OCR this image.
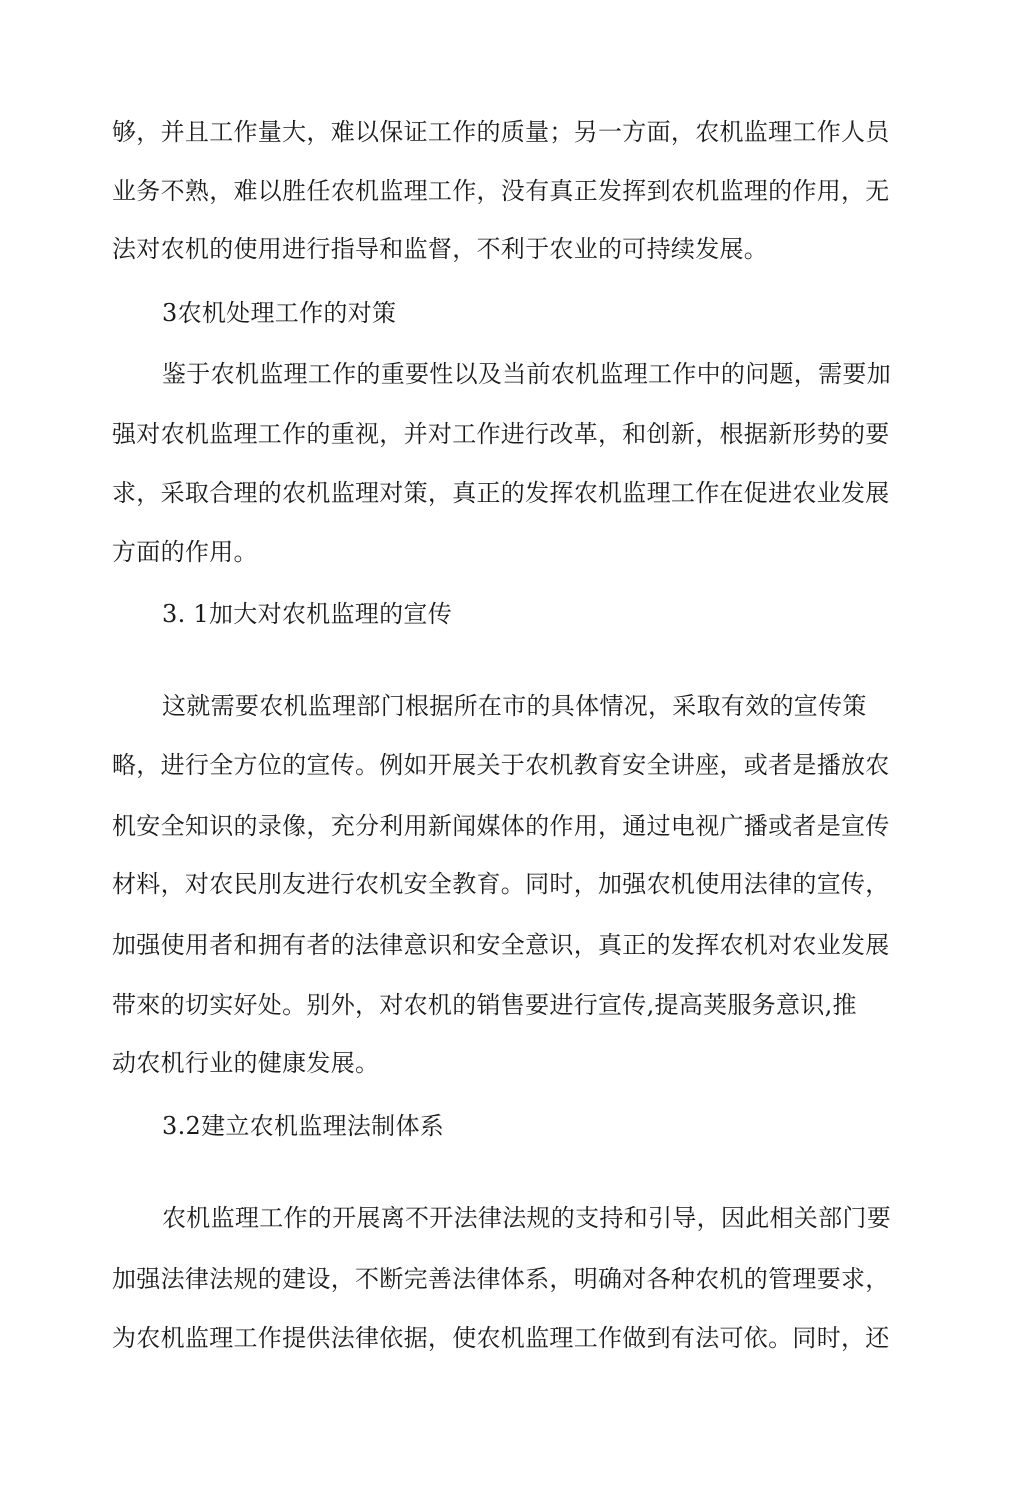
够，并且工作量大，难以保证工作的质量；另一方面，农机监理工作人员

业务不熟，难以胜任农机监理工作，没有真正发挥到农机监理的作用，无

法对农机的使用进行指导和监督，不利于农业的可持续发展。

3农机处理工作的对策

鉴于农机监理工作的重要性以及当前农机监理工作中的问题，需要加

强对农机监理工作的重视，并对工作进行改革，和创新，根据新形势的要

求，采取合理的农机监理对策，真正的发挥农机监理工作在促进农业发展

方面的作用。

3. 1加大对农机监理的宣传

这就需要农机监理部门根据所在市的具体情况，采取有效的宣传策

略，进行全方位的宣传。例如开展关于农机教育安全讲座，或者是播放农

机安全知识的录像，充分利用新闻媒体的作用，通过电视广播或者是宣传

材料，对农民刖友进行农机安全教育。同时，加强农机使用法律的宣传，

加强使用者和拥有者的法律意识和安全意识，真正的发挥农机对农业发展

带來的切实好处。别外，对农机的销售要进行宣传,提高荚服务意识,推

动农机行业的健康发展。

3.2建立农机监理法制体系

农机监理工作的开展离不开法律法规的支持和引导，因此相关部门要

加强法律法规的建设，不断完善法律体系，明确对各种农机的管理要求，

为农机监理工作提供法律依据，使农机监理工作做到有法可依。同时，还
